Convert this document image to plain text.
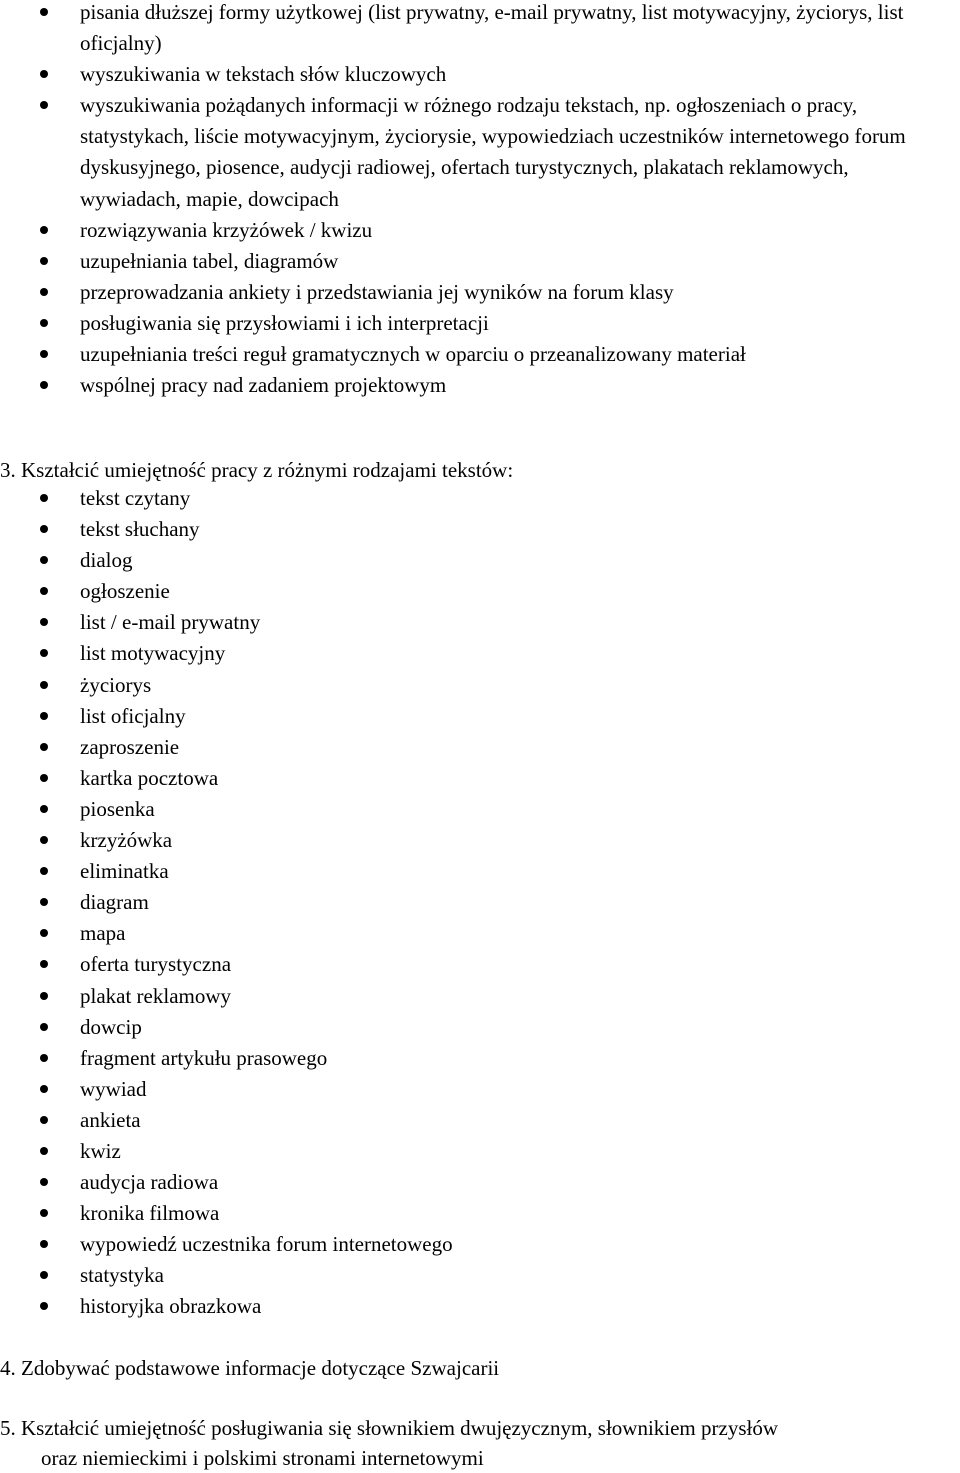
pisania dłuższej formy użytkowej (list prywatny, e-mail prywatny, list motywacyjny, życiorys, list oficjalny)
wyszukiwania w tekstach słów kluczowych
wyszukiwania pożądanych informacji w różnego rodzaju tekstach, np. ogłoszeniach o pracy, statystykach, liście motywacyjnym, życiorysie, wypowiedziach uczestników internetowego forum dyskusyjnego, piosence, audycji radiowej, ofertach turystycznych, plakatach reklamowych, wywiadach, mapie, dowcipach
rozwiązywania krzyżówek / kwizu
uzupełniania tabel, diagramów
przeprowadzania ankiety i przedstawiania jej wyników na forum klasy
posługiwania się przysłowiami i ich interpretacji
uzupełniania treści reguł gramatycznych w oparciu o przeanalizowany materiał
wspólnej pracy nad zadaniem projektowym

3. Kształcić umiejętność pracy z różnymi rodzajami tekstów:

tekst czytany
tekst słuchany
dialog
ogłoszenie
list / e-mail prywatny
list motywacyjny
życiorys
list oficjalny
zaproszenie
kartka pocztowa
piosenka
krzyżówka
eliminatka
diagram
mapa
oferta turystyczna
plakat reklamowy
dowcip
fragment artykułu prasowego
wywiad
ankieta
kwiz
audycja radiowa
kronika filmowa
wypowiedź uczestnika forum internetowego
statystyka
historyjka obrazkowa

4. Zdobywać podstawowe informacje dotyczące Szwajcarii

5. Kształcić umiejętność posługiwania się słownikiem dwujęzycznym, słownikiem przysłów

oraz niemieckimi i polskimi stronami internetowymi
